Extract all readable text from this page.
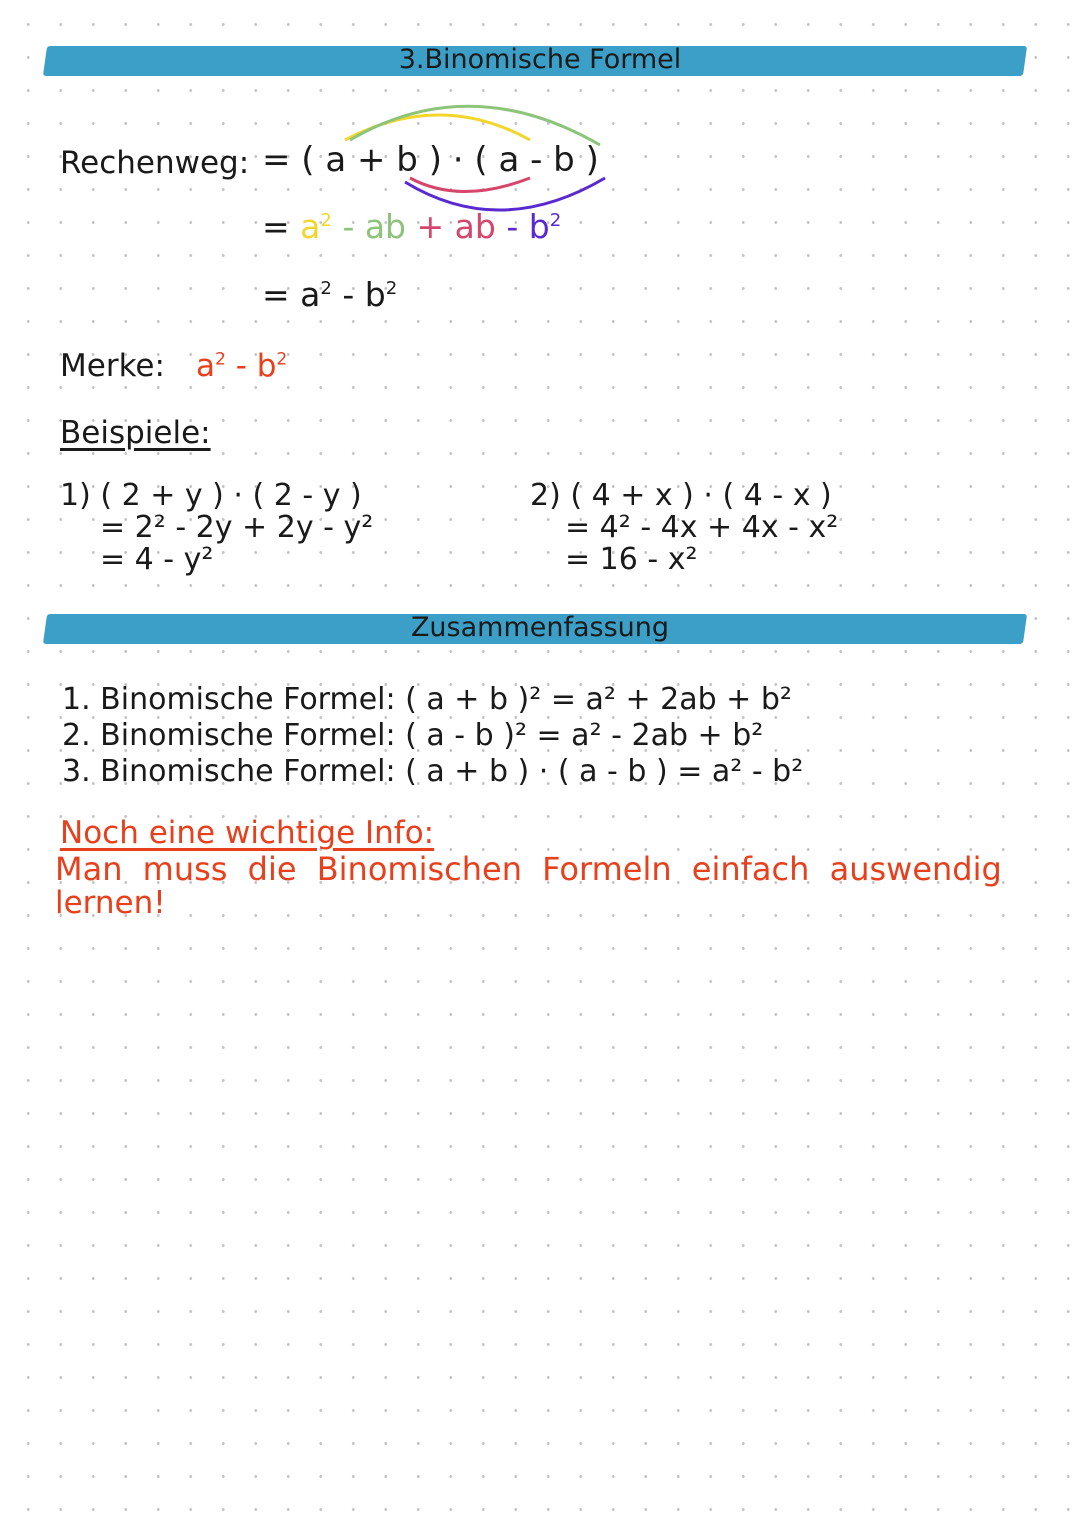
3.Binomische Formel
Rechenweg: = ( a + b ) · ( a - b )
= $a^2$ - ab + ab - $b^2$
= $a^2 - b^2$
Merke: $a^2 - b^2$
Beispiele:
1) ( 2 + y ) · ( 2 - y )
= 2² - 2y + 2y - y²
= 4 - y²
2) ( 4 + x ) · ( 4 - x )
= 4² - 4x + 4x - x²
= 16 - x²
Zusammenfassung
1. Binomische Formel: ( a + b )² = a² + 2ab + b²
2. Binomische Formel: ( a - b )² = a² - 2ab + b²
3. Binomische Formel: ( a + b ) · ( a - b ) = a² - b²
Noch eine wichtige Info:
Man muss die Binomischen Formeln einfach auswendig
lernen!
